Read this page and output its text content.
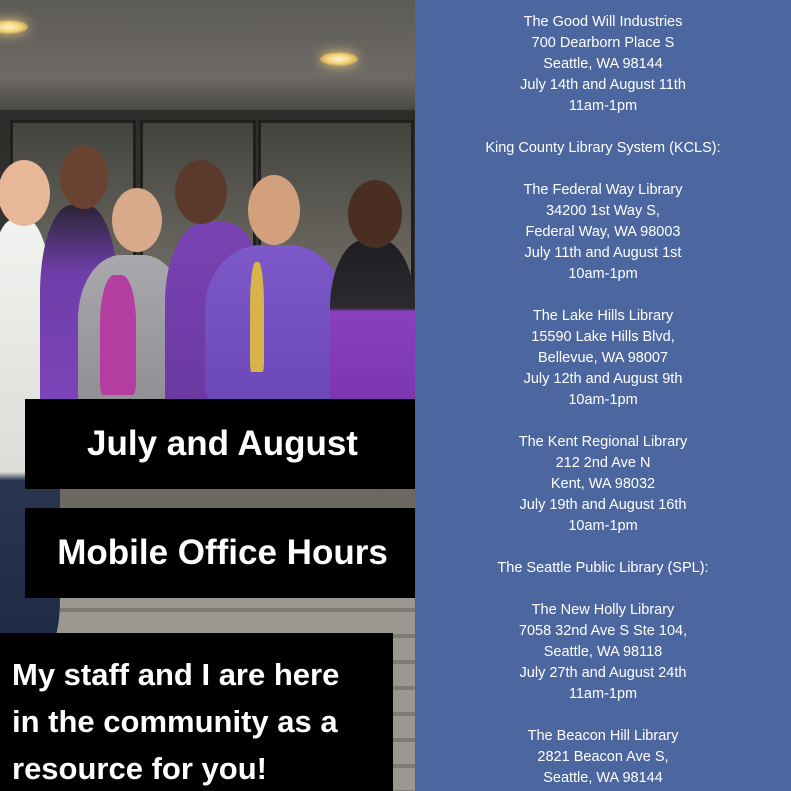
July and August
Mobile Office Hours
My staff and I are here
in the community as a
resource for you!
The Good Will Industries
700 Dearborn Place S
Seattle, WA 98144
July 14th and August 11th
11am-1pm
King County Library System (KCLS):
The Federal Way Library
34200 1st Way S,
Federal Way, WA 98003
July 11th and August 1st
10am-1pm
The Lake Hills Library
15590 Lake Hills Blvd,
Bellevue, WA 98007
July 12th and August 9th
10am-1pm
The Kent Regional Library
212 2nd Ave N
Kent, WA 98032
July 19th and August 16th
10am-1pm
The Seattle Public Library (SPL):
The New Holly Library
7058 32nd Ave S Ste 104,
Seattle, WA 98118
July 27th and August 24th
11am-1pm
The Beacon Hill Library
2821 Beacon Ave S,
Seattle, WA 98144
